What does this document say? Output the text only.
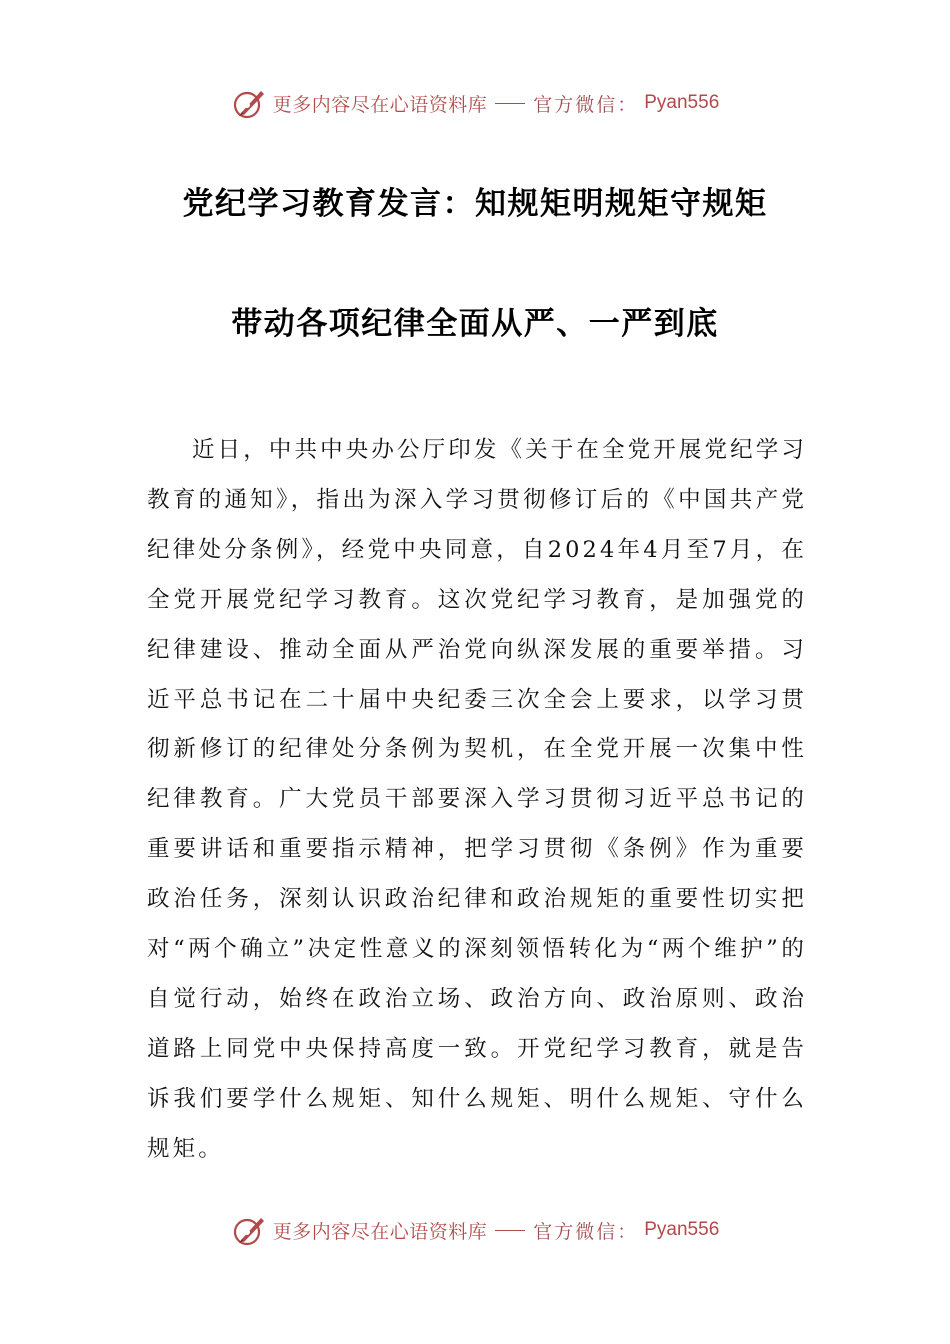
更多内容尽在心语资料库 官方微信： Pyan556
党纪学习教育发言：知规矩明规矩守规矩
带动各项纪律全面从严、一严到底

近日，中共中央办公厅印发《关于在全党开展党纪学习教育的通知》，指出为深入学习贯彻修订后的《中国共产党纪律处分条例》，经党中央同意，自2024年4月至7月，在全党开展党纪学习教育。这次党纪学习教育，是加强党的纪律建设、推动全面从严治党向纵深发展的重要举措。习近平总书记在二十届中央纪委三次全会上要求，以学习贯彻新修订的纪律处分条例为契机，在全党开展一次集中性纪律教育。广大党员干部要深入学习贯彻习近平总书记的重要讲话和重要指示精神，把学习贯彻《条例》作为重要政治任务，深刻认识政治纪律和政治规矩的重要性切实把对“两个确立”决定性意义的深刻领悟转化为“两个维护”的自觉行动，始终在政治立场、政治方向、政治原则、政治道路上同党中央保持高度一致。开党纪学习教育，就是告诉我们要学什么规矩、知什么规矩、明什么规矩、守什么规矩。

更多内容尽在心语资料库 官方微信： Pyan556
